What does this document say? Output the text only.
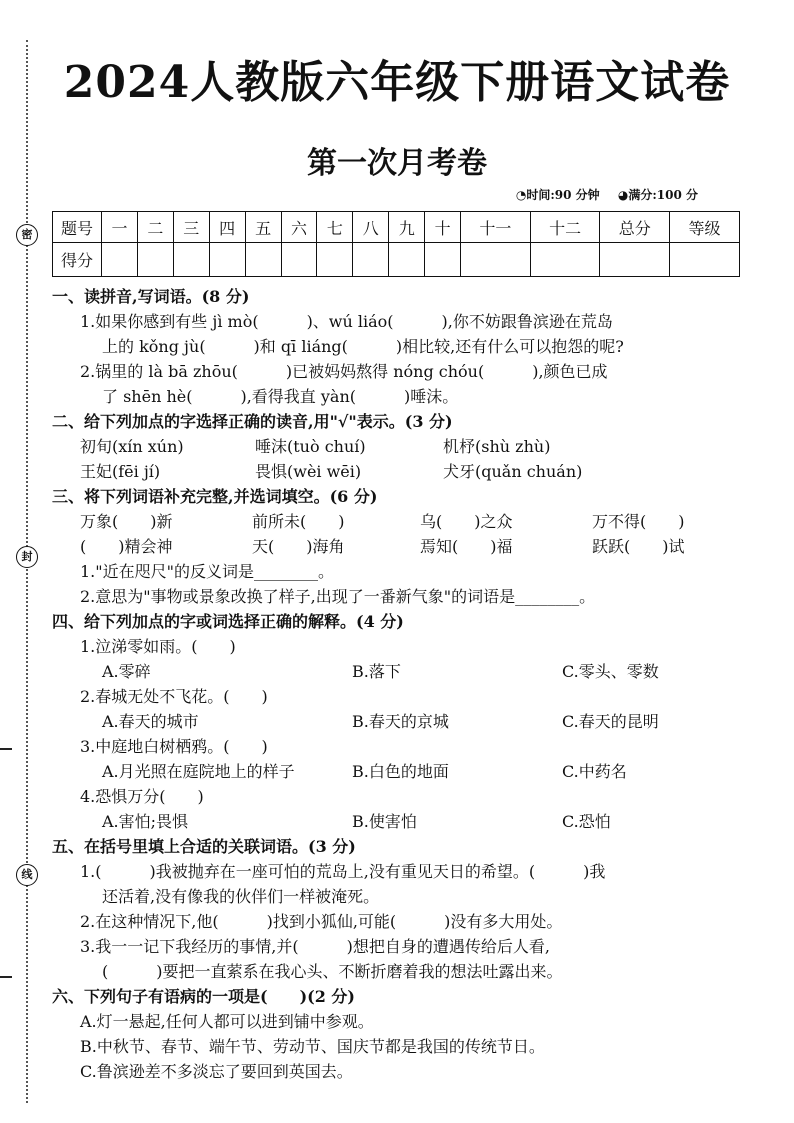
密
封
线
2024人教版六年级下册语文试卷
第一次月考卷
◔时间:90 分钟 ◕满分:100 分
题号	一	二	三	四	五	六	七	八	九	十	十一	十二	总分	等级
得分														
一、读拼音,写词语。(8 分)
1.如果你感到有些 jì mò(　　　)、wú liáo(　　　),你不妨跟鲁滨逊在荒岛
上的 kǒng jù(　　　)和 qī liáng(　　　)相比较,还有什么可以抱怨的呢?
2.锅里的 là bā zhōu(　　　)已被妈妈熬得 nóng chóu(　　　),颜色已成
了 shēn hè(　　　),看得我直 yàn(　　　)唾沫。
二、给下列加点的字选择正确的读音,用"√"表示。(3 分)
初旬(xín xún)	唾沫(tuò chuí)	机杼(shù zhù)
王妃(fēi jí)	畏惧(wèi wēi)	犬牙(quǎn chuán)
三、将下列词语补充完整,并选词填空。(6 分)
万象(　　)新	前所未(　　)	乌(　　)之众	万不得(　　)
(　　)精会神	天(　　)海角	焉知(　　)福	跃跃(　　)试
1."近在咫尺"的反义词是________。
2.意思为"事物或景象改换了样子,出现了一番新气象"的词语是________。
四、给下列加点的字或词选择正确的解释。(4 分)
1.泣涕零如雨。(　　)
A.零碎	B.落下	C.零头、零数
2.春城无处不飞花。(　　)
A.春天的城市	B.春天的京城	C.春天的昆明
3.中庭地白树栖鸦。(　　)
A.月光照在庭院地上的样子	B.白色的地面	C.中药名
4.恐惧万分(　　)
A.害怕;畏惧	B.使害怕	C.恐怕
五、在括号里填上合适的关联词语。(3 分)
1.(　　　)我被抛弃在一座可怕的荒岛上,没有重见天日的希望。(　　　)我
还活着,没有像我的伙伴们一样被淹死。
2.在这种情况下,他(　　　)找到小狐仙,可能(　　　)没有多大用处。
3.我一一记下我经历的事情,并(　　　)想把自身的遭遇传给后人看,
(　　　)要把一直萦系在我心头、不断折磨着我的想法吐露出来。
六、下列句子有语病的一项是(　　)(2 分)
A.灯一悬起,任何人都可以进到铺中参观。
B.中秋节、春节、端午节、劳动节、国庆节都是我国的传统节日。
C.鲁滨逊差不多淡忘了要回到英国去。
